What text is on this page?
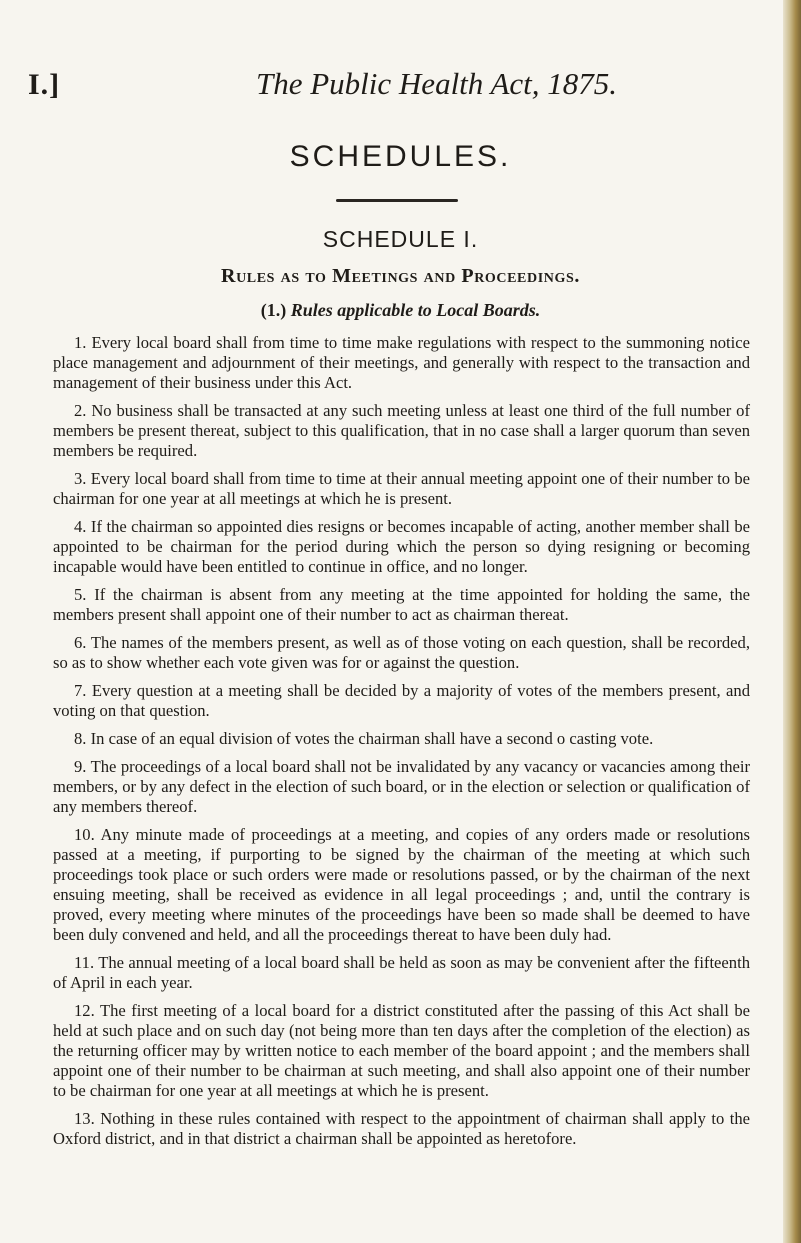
I.]	The Public Health Act, 1875.
SCHEDULES.
SCHEDULE I.
Rules as to Meetings and Proceedings.
(1.) Rules applicable to Local Boards.

1. Every local board shall from time to time make regulations with respect to the summoning notice place management and adjournment of their meetings, and generally with respect to the transaction and management of their business under this Act.

2. No business shall be transacted at any such meeting unless at least one third of the full number of members be present thereat, subject to this qualification, that in no case shall a larger quorum than seven members be required.

3. Every local board shall from time to time at their annual meeting appoint one of their number to be chairman for one year at all meetings at which he is present.

4. If the chairman so appointed dies resigns or becomes incapable of acting, another member shall be appointed to be chairman for the period during which the person so dying resigning or becoming incapable would have been entitled to continue in office, and no longer.

5. If the chairman is absent from any meeting at the time appointed for holding the same, the members present shall appoint one of their number to act as chairman thereat.

6. The names of the members present, as well as of those voting on each question, shall be recorded, so as to show whether each vote given was for or against the question.

7. Every question at a meeting shall be decided by a majority of votes of the members present, and voting on that question.

8. In case of an equal division of votes the chairman shall have a second o casting vote.

9. The proceedings of a local board shall not be invalidated by any vacancy or vacancies among their members, or by any defect in the election of such board, or in the election or selection or qualification of any members thereof.

10. Any minute made of proceedings at a meeting, and copies of any orders made or resolutions passed at a meeting, if purporting to be signed by the chairman of the meeting at which such proceedings took place or such orders were made or resolutions passed, or by the chairman of the next ensuing meeting, shall be received as evidence in all legal proceedings ; and, until the contrary is proved, every meeting where minutes of the proceedings have been so made shall be deemed to have been duly convened and held, and all the proceedings thereat to have been duly had.

11. The annual meeting of a local board shall be held as soon as may be convenient after the fifteenth of April in each year.

12. The first meeting of a local board for a district constituted after the passing of this Act shall be held at such place and on such day (not being more than ten days after the completion of the election) as the returning officer may by written notice to each member of the board appoint ; and the members shall appoint one of their number to be chairman at such meeting, and shall also appoint one of their number to be chairman for one year at all meetings at which he is present.

13. Nothing in these rules contained with respect to the appointment of chairman shall apply to the Oxford district, and in that district a chairman shall be appointed as heretofore.
